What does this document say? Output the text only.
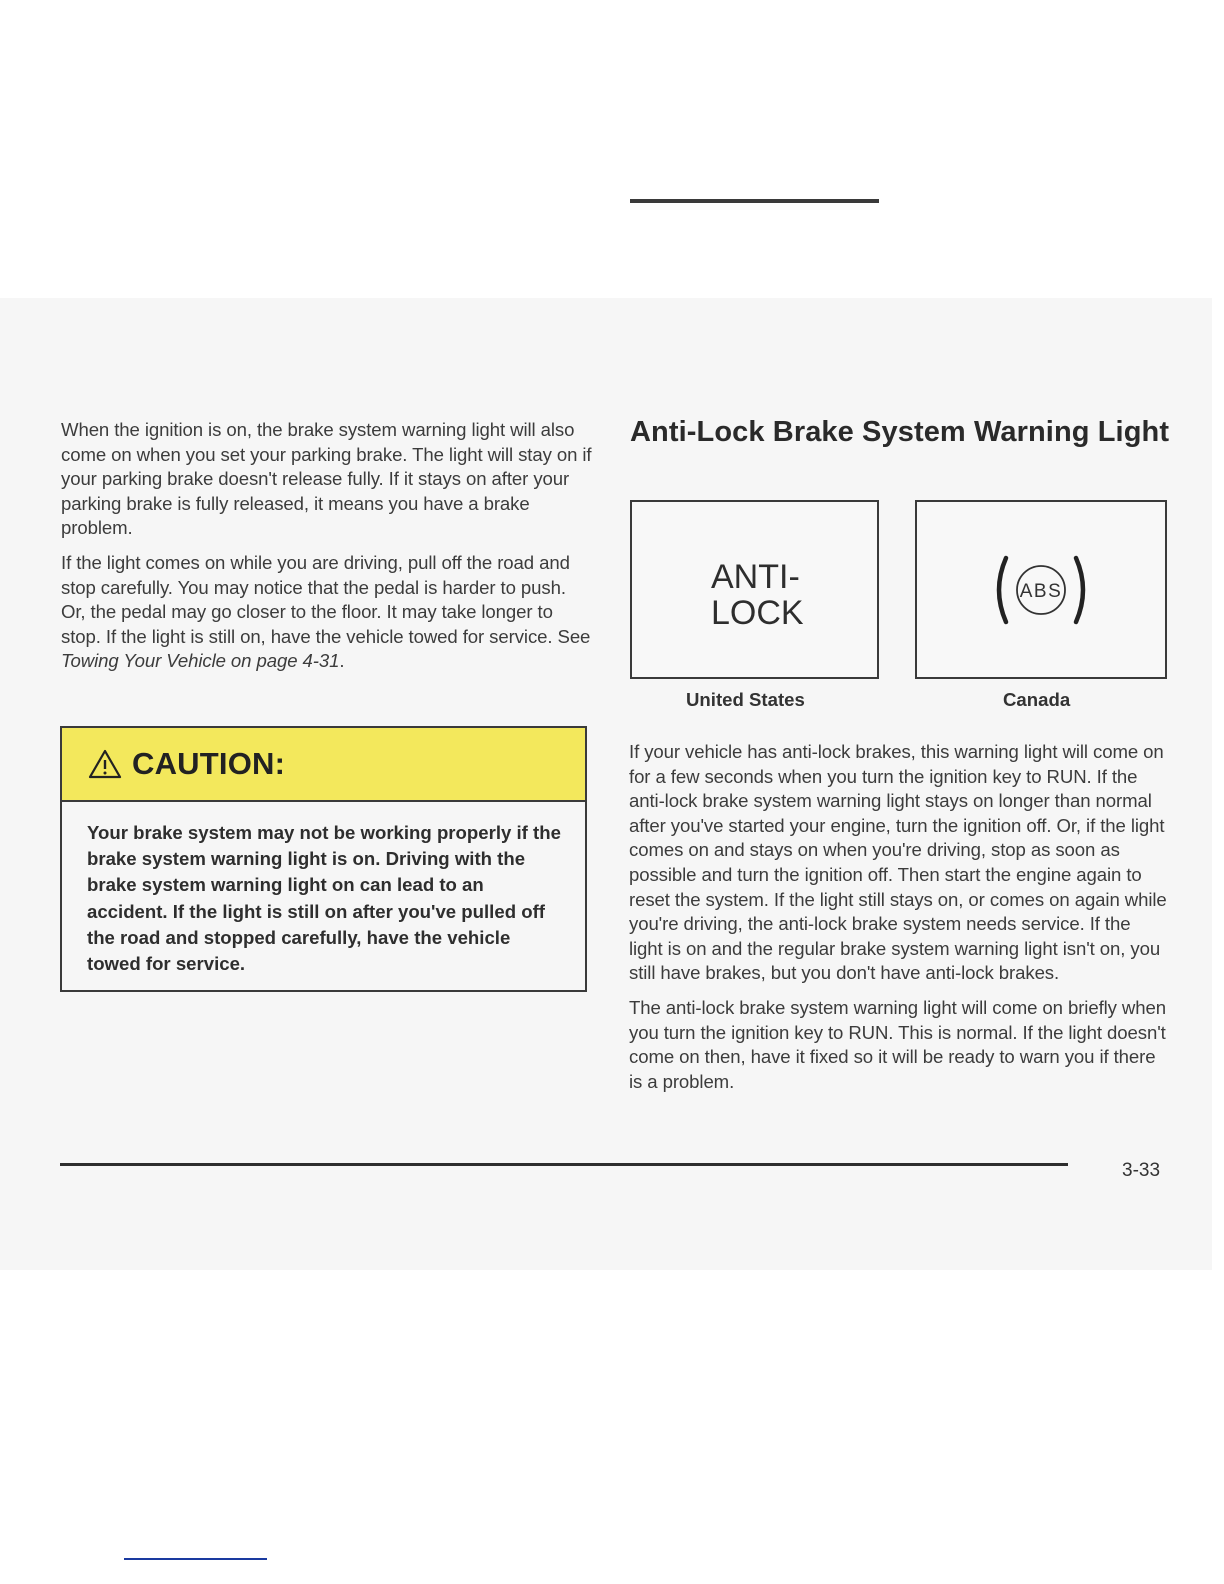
When the ignition is on, the brake system warning light will also come on when you set your parking brake. The light will stay on if your parking brake doesn't release fully. If it stays on after your parking brake is fully released, it means you have a brake problem.

If the light comes on while you are driving, pull off the road and stop carefully. You may notice that the pedal is harder to push. Or, the pedal may go closer to the floor. It may take longer to stop. If the light is still on, have the vehicle towed for service. See Towing Your Vehicle on page 4-31.

CAUTION:
Your brake system may not be working properly if the brake system warning light is on. Driving with the brake system warning light on can lead to an accident. If the light is still on after you've pulled off the road and stopped carefully, have the vehicle towed for service.
Anti-Lock Brake System Warning Light
ANTI-
LOCK
United States
ABS
Canada

If your vehicle has anti-lock brakes, this warning light will come on for a few seconds when you turn the ignition key to RUN. If the anti-lock brake system warning light stays on longer than normal after you've started your engine, turn the ignition off. Or, if the light comes on and stays on when you're driving, stop as soon as possible and turn the ignition off. Then start the engine again to reset the system. If the light still stays on, or comes on again while you're driving, the anti-lock brake system needs service. If the light is on and the regular brake system warning light isn't on, you still have brakes, but you don't have anti-lock brakes.

The anti-lock brake system warning light will come on briefly when you turn the ignition key to RUN. This is normal. If the light doesn't come on then, have it fixed so it will be ready to warn you if there is a problem.

3-33
